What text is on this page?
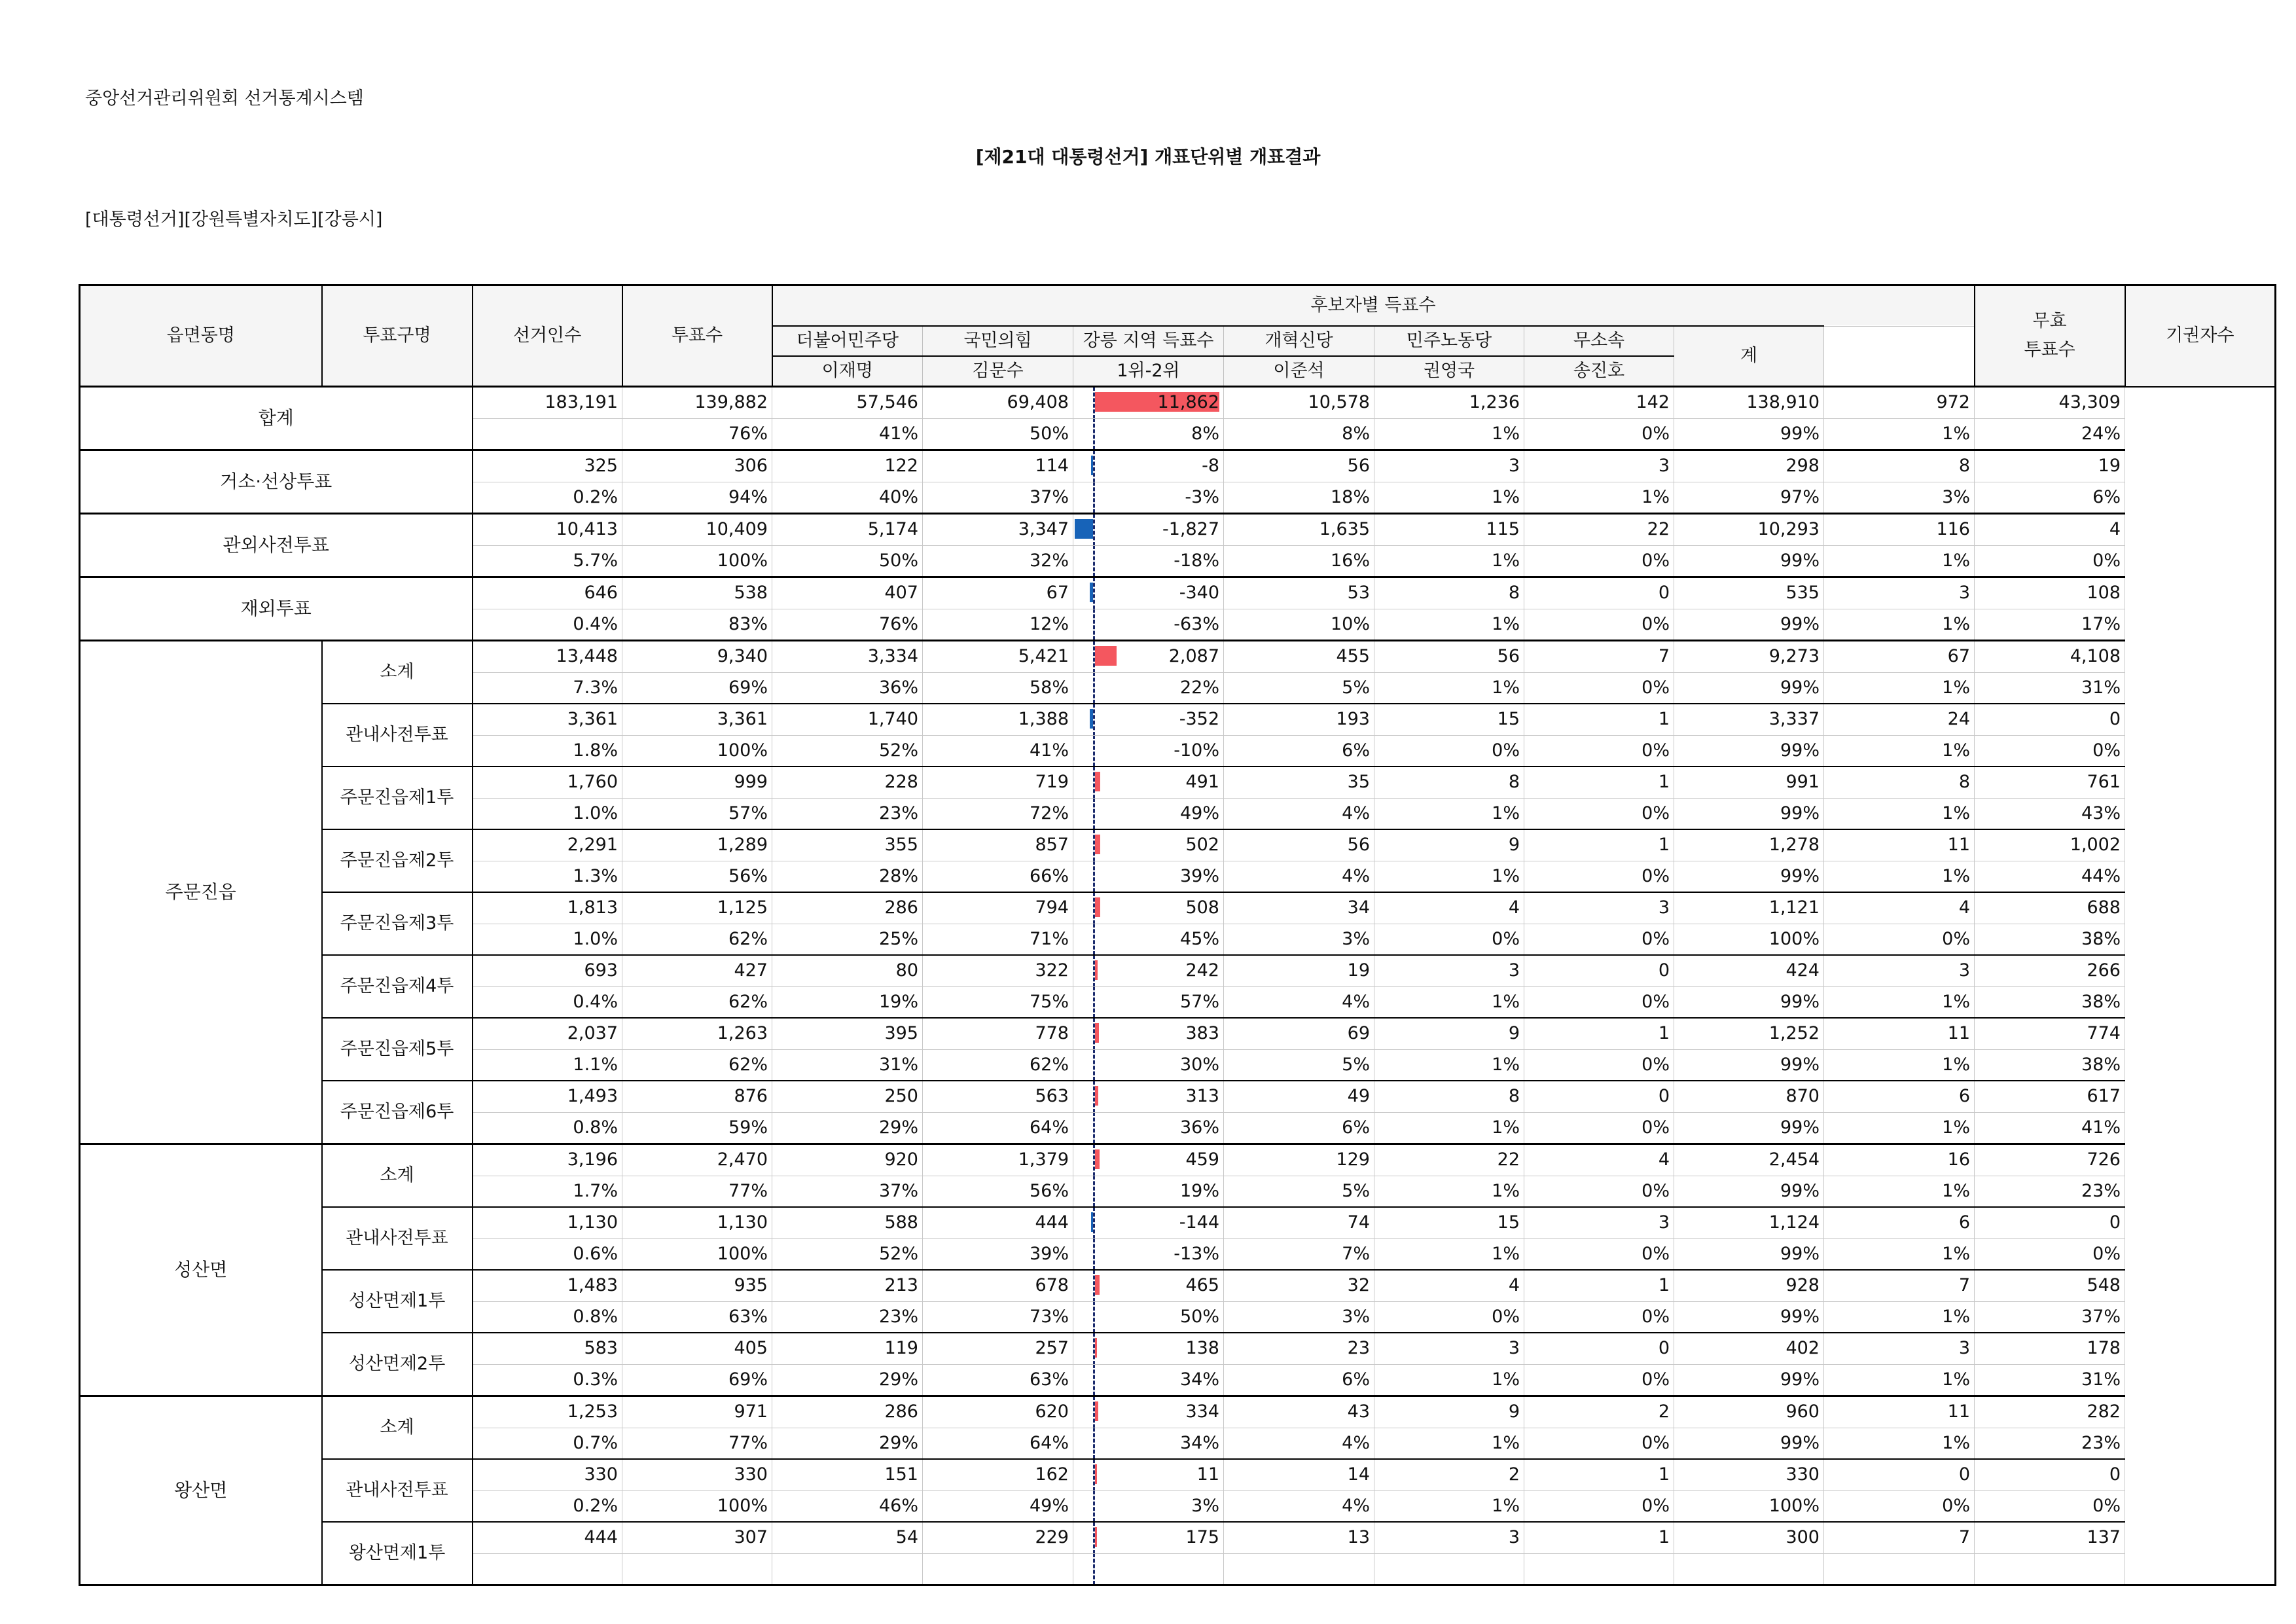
중앙선거관리위원회 선거통계시스템
[제21대 대통령선거] 개표단위별 개표결과
[대통령선거][강원특별자치도][강릉시]
읍면동명	투표구명	선거인수	투표수	후보자별 득표수								무효
투표수	기권자수
				더불어민주당	국민의힘	강릉 지역 득표수	개혁신당	민주노동당	무소속	계			
				이재명	김문수	1위-2위	이준석	권영국	송진호				
합계		183,191	139,882	57,546	69,408	11,862	10,578	1,236	142	138,910	972	43,309	
			76%	41%	50%	8%	8%	1%	0%	99%	1%	24%	
거소·선상투표		325	306	122	114	-8	56	3	3	298	8	19	
		0.2%	94%	40%	37%	-3%	18%	1%	1%	97%	3%	6%	
관외사전투표		10,413	10,409	5,174	3,347	-1,827	1,635	115	22	10,293	116	4	
		5.7%	100%	50%	32%	-18%	16%	1%	0%	99%	1%	0%	
재외투표		646	538	407	67	-340	53	8	0	535	3	108	
		0.4%	83%	76%	12%	-63%	10%	1%	0%	99%	1%	17%	
주문진읍	소계	13,448	9,340	3,334	5,421	2,087	455	56	7	9,273	67	4,108	
		7.3%	69%	36%	58%	22%	5%	1%	0%	99%	1%	31%	
	관내사전투표	3,361	3,361	1,740	1,388	-352	193	15	1	3,337	24	0	
		1.8%	100%	52%	41%	-10%	6%	0%	0%	99%	1%	0%	
	주문진읍제1투	1,760	999	228	719	491	35	8	1	991	8	761	
		1.0%	57%	23%	72%	49%	4%	1%	0%	99%	1%	43%	
	주문진읍제2투	2,291	1,289	355	857	502	56	9	1	1,278	11	1,002	
		1.3%	56%	28%	66%	39%	4%	1%	0%	99%	1%	44%	
	주문진읍제3투	1,813	1,125	286	794	508	34	4	3	1,121	4	688	
		1.0%	62%	25%	71%	45%	3%	0%	0%	100%	0%	38%	
	주문진읍제4투	693	427	80	322	242	19	3	0	424	3	266	
		0.4%	62%	19%	75%	57%	4%	1%	0%	99%	1%	38%	
	주문진읍제5투	2,037	1,263	395	778	383	69	9	1	1,252	11	774	
		1.1%	62%	31%	62%	30%	5%	1%	0%	99%	1%	38%	
	주문진읍제6투	1,493	876	250	563	313	49	8	0	870	6	617	
		0.8%	59%	29%	64%	36%	6%	1%	0%	99%	1%	41%	
성산면	소계	3,196	2,470	920	1,379	459	129	22	4	2,454	16	726	
		1.7%	77%	37%	56%	19%	5%	1%	0%	99%	1%	23%	
	관내사전투표	1,130	1,130	588	444	-144	74	15	3	1,124	6	0	
		0.6%	100%	52%	39%	-13%	7%	1%	0%	99%	1%	0%	
	성산면제1투	1,483	935	213	678	465	32	4	1	928	7	548	
		0.8%	63%	23%	73%	50%	3%	0%	0%	99%	1%	37%	
	성산면제2투	583	405	119	257	138	23	3	0	402	3	178	
		0.3%	69%	29%	63%	34%	6%	1%	0%	99%	1%	31%	
왕산면	소계	1,253	971	286	620	334	43	9	2	960	11	282	
		0.7%	77%	29%	64%	34%	4%	1%	0%	99%	1%	23%	
	관내사전투표	330	330	151	162	11	14	2	1	330	0	0	
		0.2%	100%	46%	49%	3%	4%	1%	0%	100%	0%	0%	
	왕산면제1투	444	307	54	229	175	13	3	1	300	7	137	
